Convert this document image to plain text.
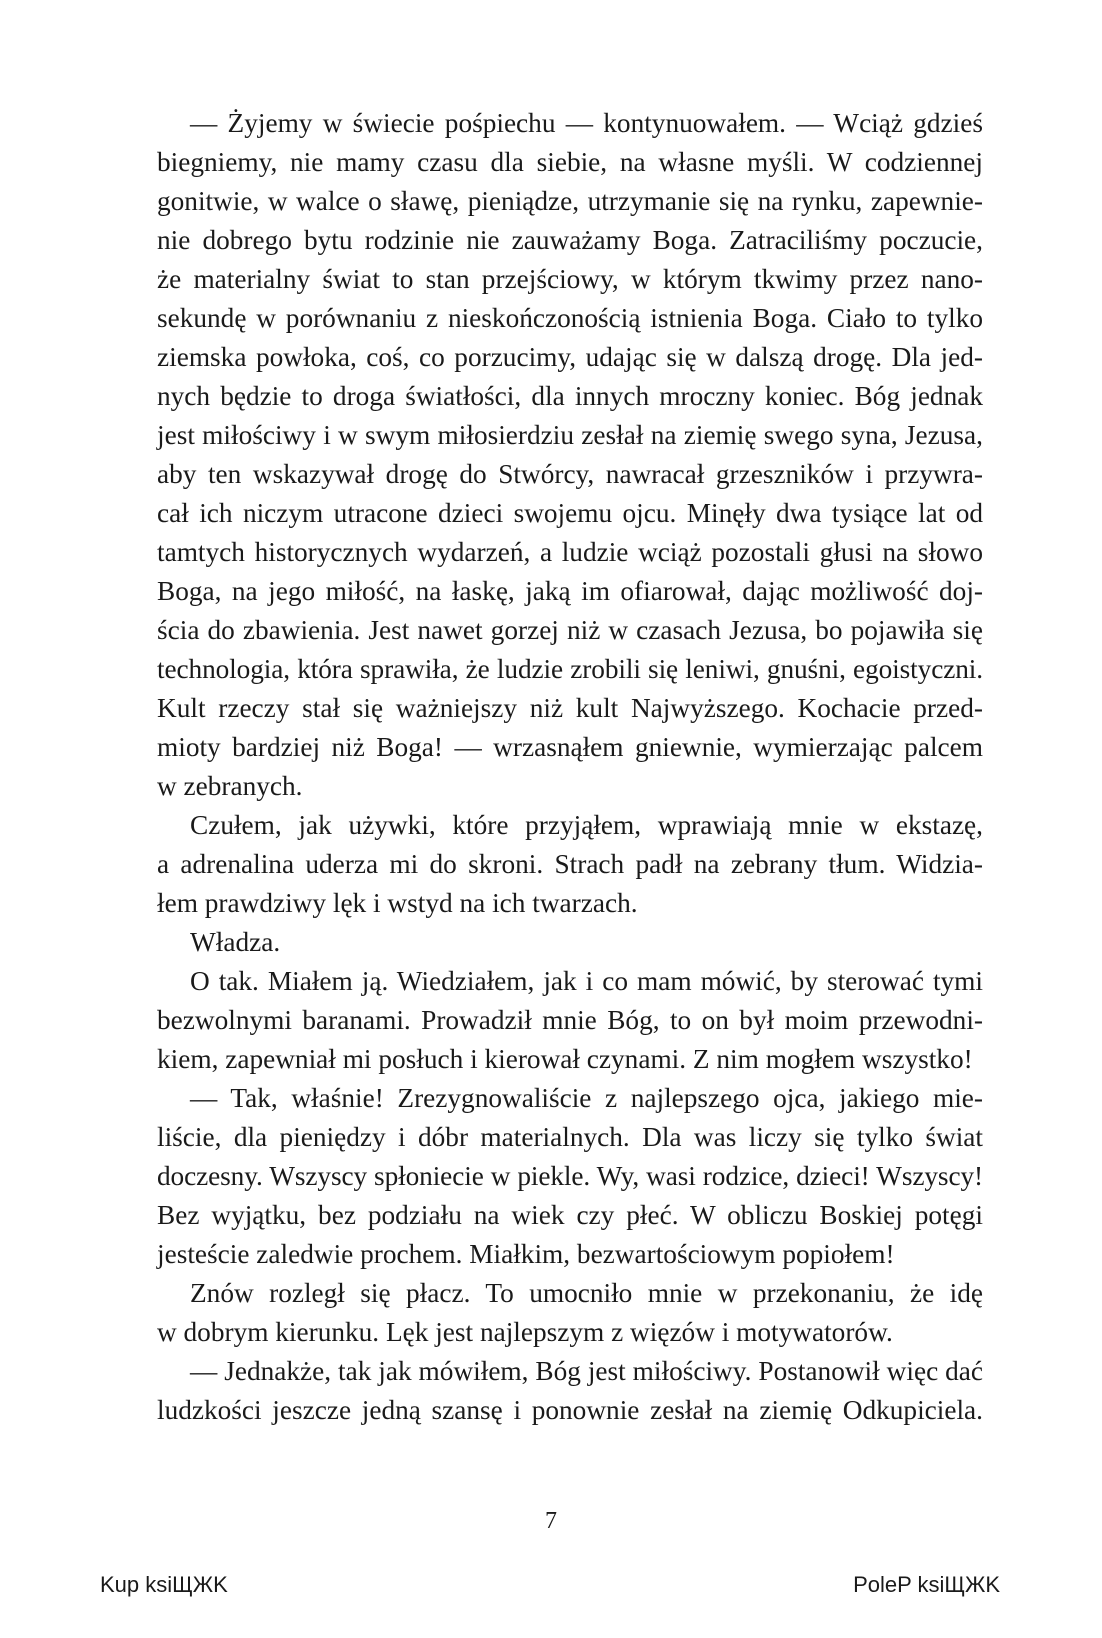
— Żyjemy w świecie pośpiechu — kontynuowałem. — Wciąż gdzieś
biegniemy, nie mamy czasu dla siebie, na własne myśli. W codziennej
gonitwie, w walce o sławę, pieniądze, utrzymanie się na rynku, zapewnie-
nie dobrego bytu rodzinie nie zauważamy Boga. Zatraciliśmy poczucie,
że materialny świat to stan przejściowy, w którym tkwimy przez nano-
sekundę w porównaniu z nieskończonością istnienia Boga. Ciało to tylko
ziemska powłoka, coś, co porzucimy, udając się w dalszą drogę. Dla jed-
nych będzie to droga światłości, dla innych mroczny koniec. Bóg jednak
jest miłościwy i w swym miłosierdziu zesłał na ziemię swego syna, Jezusa,
aby ten wskazywał drogę do Stwórcy, nawracał grzeszników i przywra-
cał ich niczym utracone dzieci swojemu ojcu. Minęły dwa tysiące lat od
tamtych historycznych wydarzeń, a ludzie wciąż pozostali głusi na słowo
Boga, na jego miłość, na łaskę, jaką im ofiarował, dając możliwość doj-
ścia do zbawienia. Jest nawet gorzej niż w czasach Jezusa, bo pojawiła się
technologia, która sprawiła, że ludzie zrobili się leniwi, gnuśni, egoistyczni.
Kult rzeczy stał się ważniejszy niż kult Najwyższego. Kochacie przed-
mioty bardziej niż Boga! — wrzasnąłem gniewnie, wymierzając palcem
w zebranych.
Czułem, jak używki, które przyjąłem, wprawiają mnie w ekstazę,
a adrenalina uderza mi do skroni. Strach padł na zebrany tłum. Widzia-
łem prawdziwy lęk i wstyd na ich twarzach.
Władza.
O tak. Miałem ją. Wiedziałem, jak i co mam mówić, by sterować tymi
bezwolnymi baranami. Prowadził mnie Bóg, to on był moim przewodni-
kiem, zapewniał mi posłuch i kierował czynami. Z nim mogłem wszystko!
— Tak, właśnie! Zrezygnowaliście z najlepszego ojca, jakiego mie-
liście, dla pieniędzy i dóbr materialnych. Dla was liczy się tylko świat
doczesny. Wszyscy spłoniecie w piekle. Wy, wasi rodzice, dzieci! Wszyscy!
Bez wyjątku, bez podziału na wiek czy płeć. W obliczu Boskiej potęgi
jesteście zaledwie prochem. Miałkim, bezwartościowym popiołem!
Znów rozległ się płacz. To umocniło mnie w przekonaniu, że idę
w dobrym kierunku. Lęk jest najlepszym z więzów i motywatorów.
— Jednakże, tak jak mówiłem, Bóg jest miłościwy. Postanowił więc dać
ludzkości jeszcze jedną szansę i ponownie zesłał na ziemię Odkupiciela.
7
Kup ksiЩЖK	PoleP ksiЩЖK
